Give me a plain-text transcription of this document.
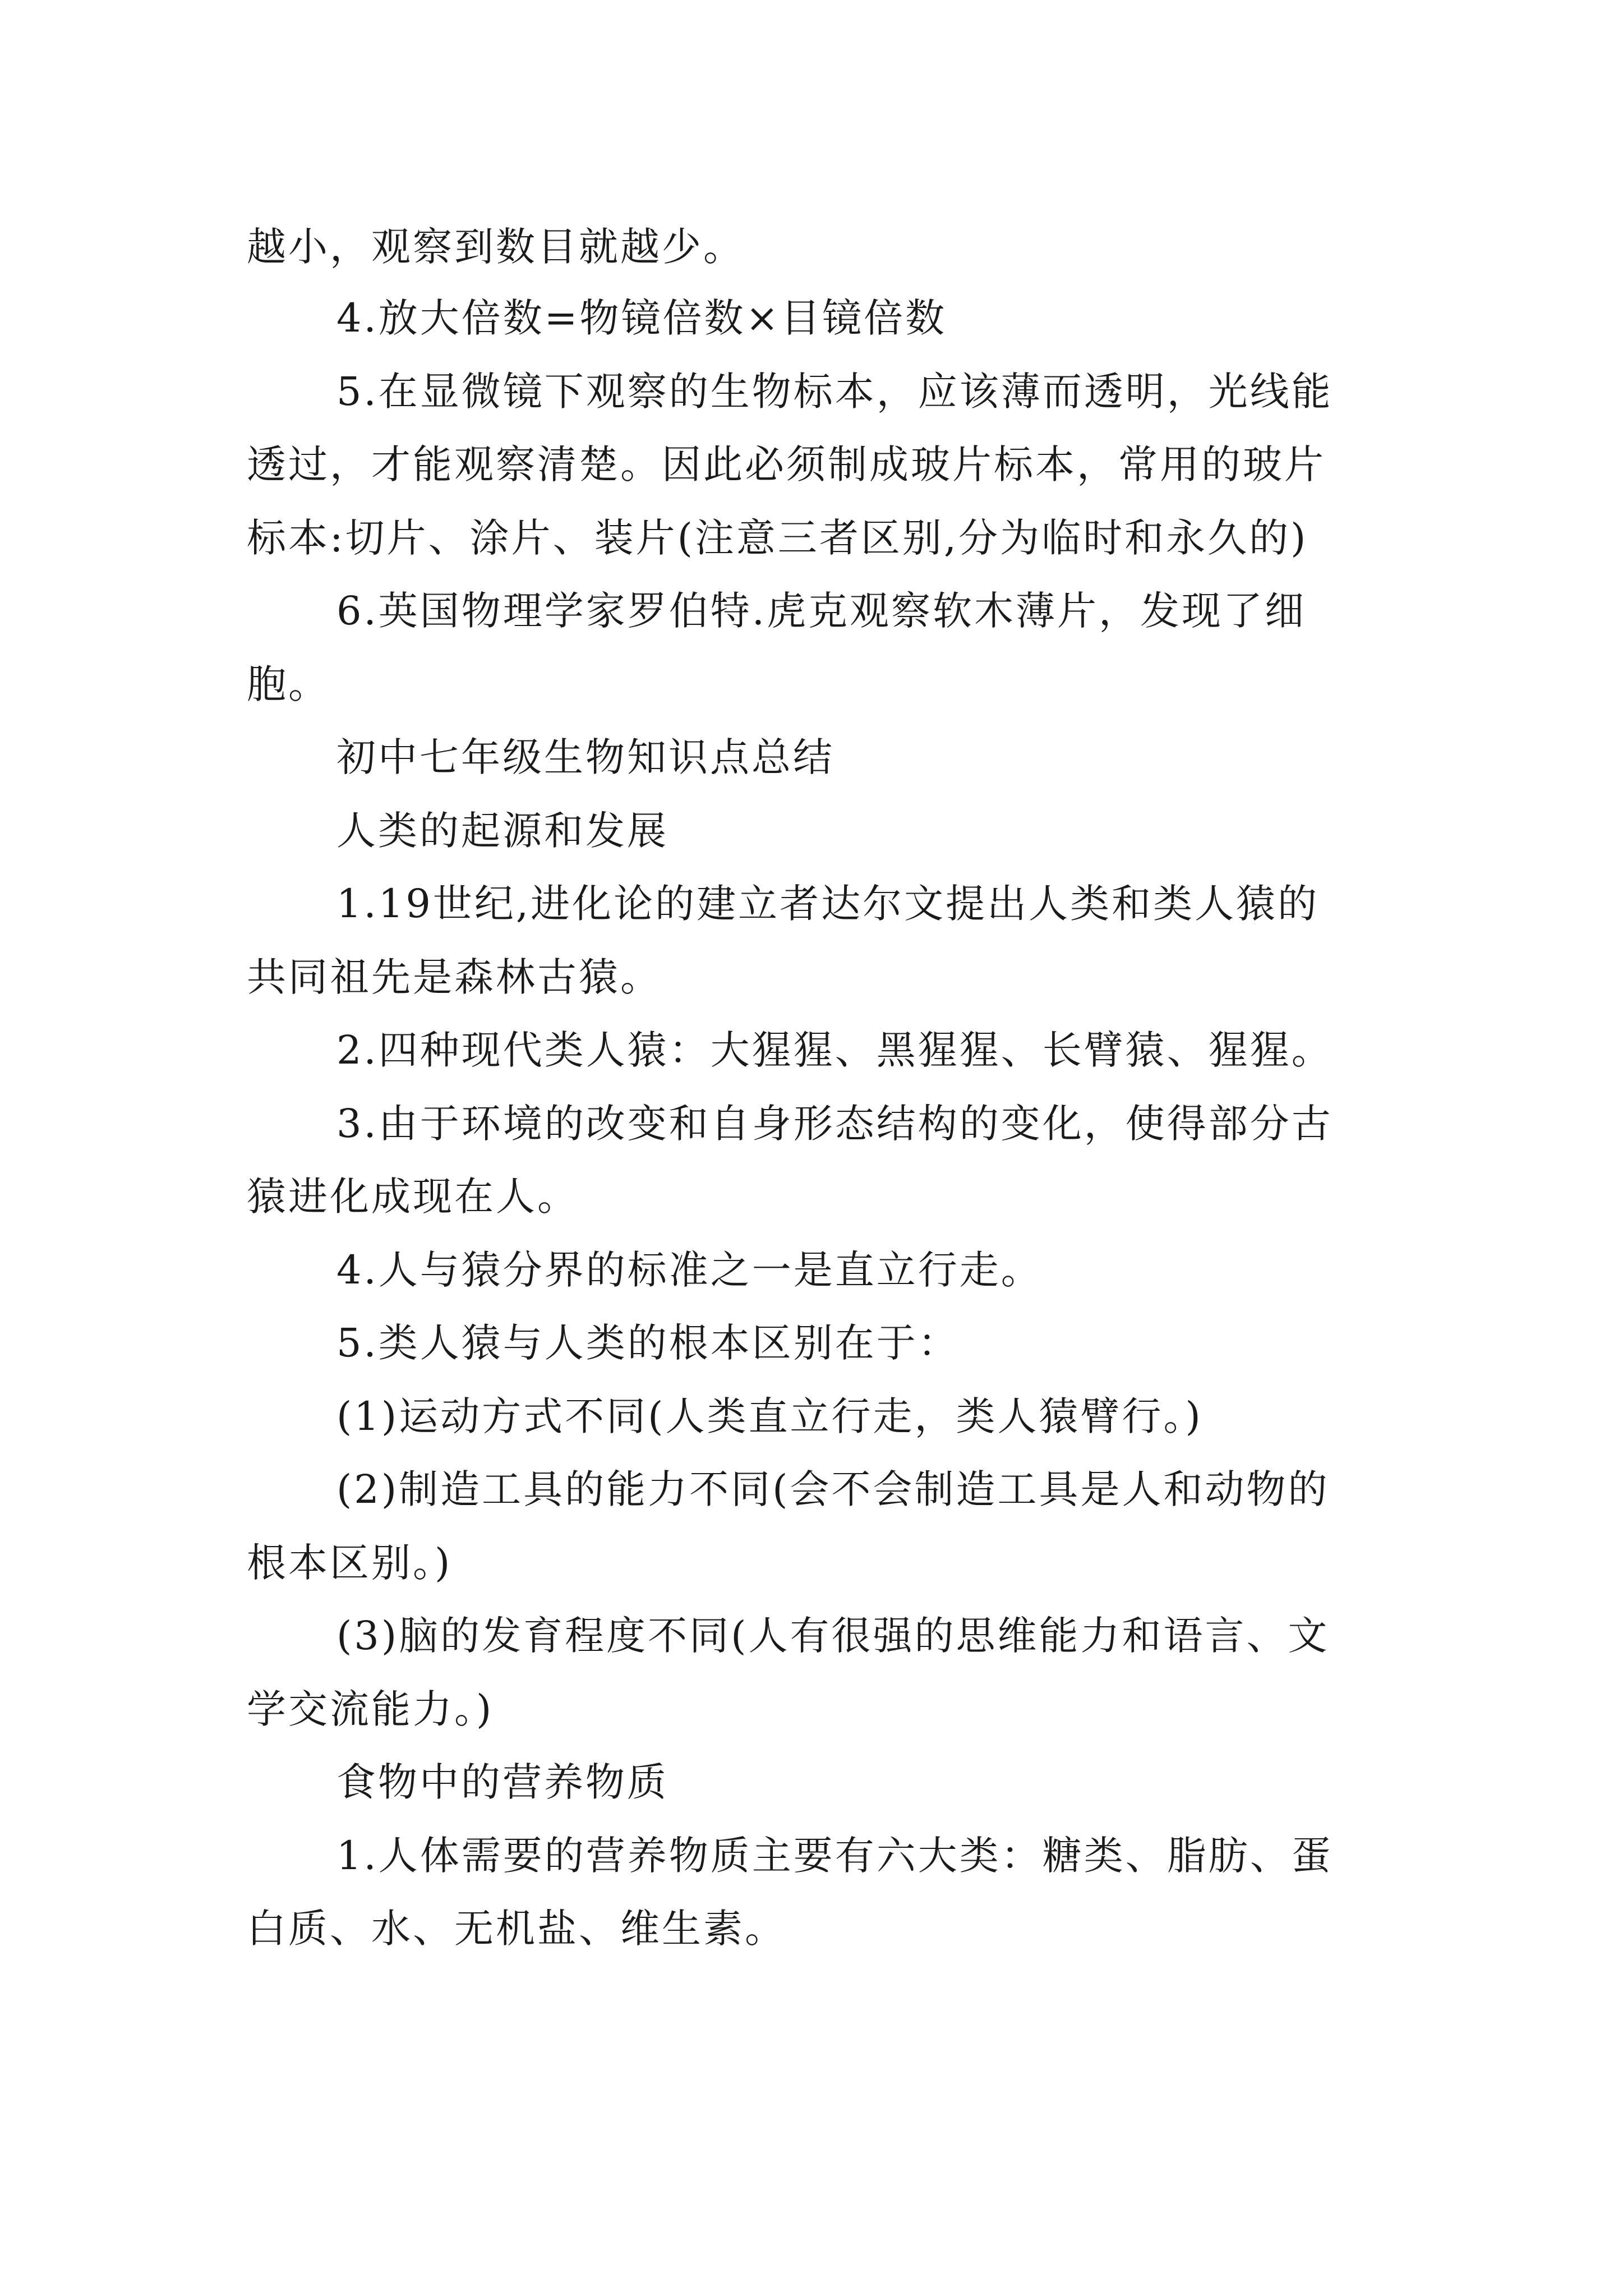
越小，观察到数目就越少。
4.放大倍数=物镜倍数×目镜倍数
5.在显微镜下观察的生物标本，应该薄而透明，光线能
透过，才能观察清楚。因此必须制成玻片标本，常用的玻片
标本:切片、涂片、装片(注意三者区别,分为临时和永久的)
6.英国物理学家罗伯特.虎克观察软木薄片，发现了细
胞。
初中七年级生物知识点总结
人类的起源和发展
1.19世纪,进化论的建立者达尔文提出人类和类人猿的
共同祖先是森林古猿。
2.四种现代类人猿：大猩猩、黑猩猩、长臂猿、猩猩。
3.由于环境的改变和自身形态结构的变化，使得部分古
猿进化成现在人。
4.人与猿分界的标准之一是直立行走。
5.类人猿与人类的根本区别在于：
(1)运动方式不同(人类直立行走，类人猿臂行。)
(2)制造工具的能力不同(会不会制造工具是人和动物的
根本区别。)
(3)脑的发育程度不同(人有很强的思维能力和语言、文
学交流能力。)
食物中的营养物质
1.人体需要的营养物质主要有六大类：糖类、脂肪、蛋
白质、水、无机盐、维生素。
